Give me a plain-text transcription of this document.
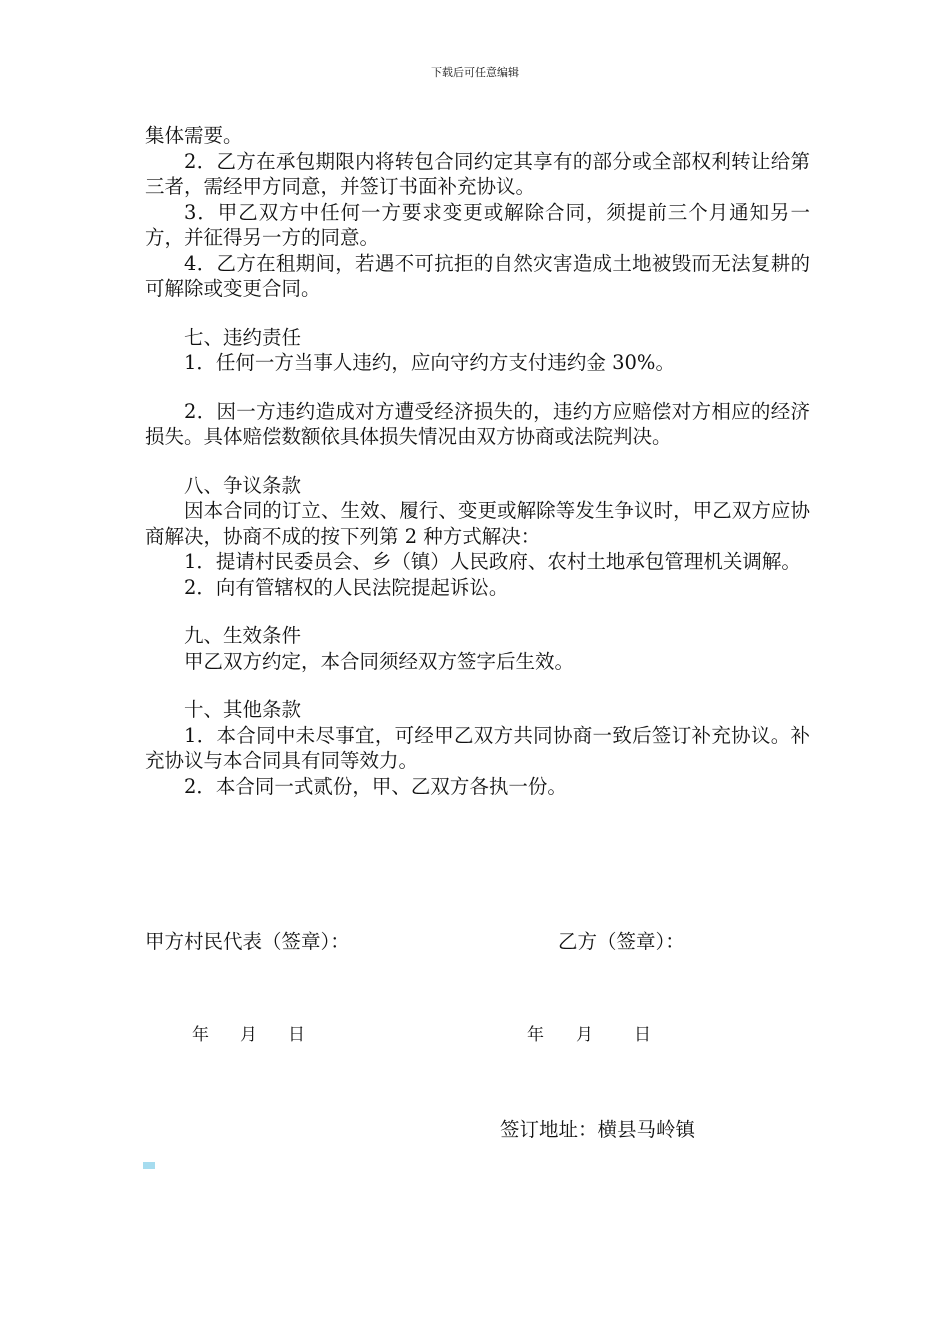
下载后可任意编辑

集体需要。

2．乙方在承包期限内将转包合同约定其享有的部分或全部权利转让给第三者，需经甲方同意，并签订书面补充协议。

3．甲乙双方中任何一方要求变更或解除合同，须提前三个月通知另一方，并征得另一方的同意。

4．乙方在租期间，若遇不可抗拒的自然灾害造成土地被毁而无法复耕的可解除或变更合同。

七、违约责任

1．任何一方当事人违约，应向守约方支付违约金 30%。

2．因一方违约造成对方遭受经济损失的，违约方应赔偿对方相应的经济损失。具体赔偿数额依具体损失情况由双方协商或法院判决。

八、争议条款

因本合同的订立、生效、履行、变更或解除等发生争议时，甲乙双方应协商解决，协商不成的按下列第 2 种方式解决：

1．提请村民委员会、乡（镇）人民政府、农村土地承包管理机关调解。

2．向有管辖权的人民法院提起诉讼。

九、生效条件

甲乙双方约定，本合同须经双方签字后生效。

十、其他条款

1．本合同中未尽事宜，可经甲乙双方共同协商一致后签订补充协议。补充协议与本合同具有同等效力。

2．本合同一式贰份，甲、乙双方各执一份。

甲方村民代表（签章）：	乙方（签章）：
年 月 日	年 月 日
签订地址：横县马岭镇
